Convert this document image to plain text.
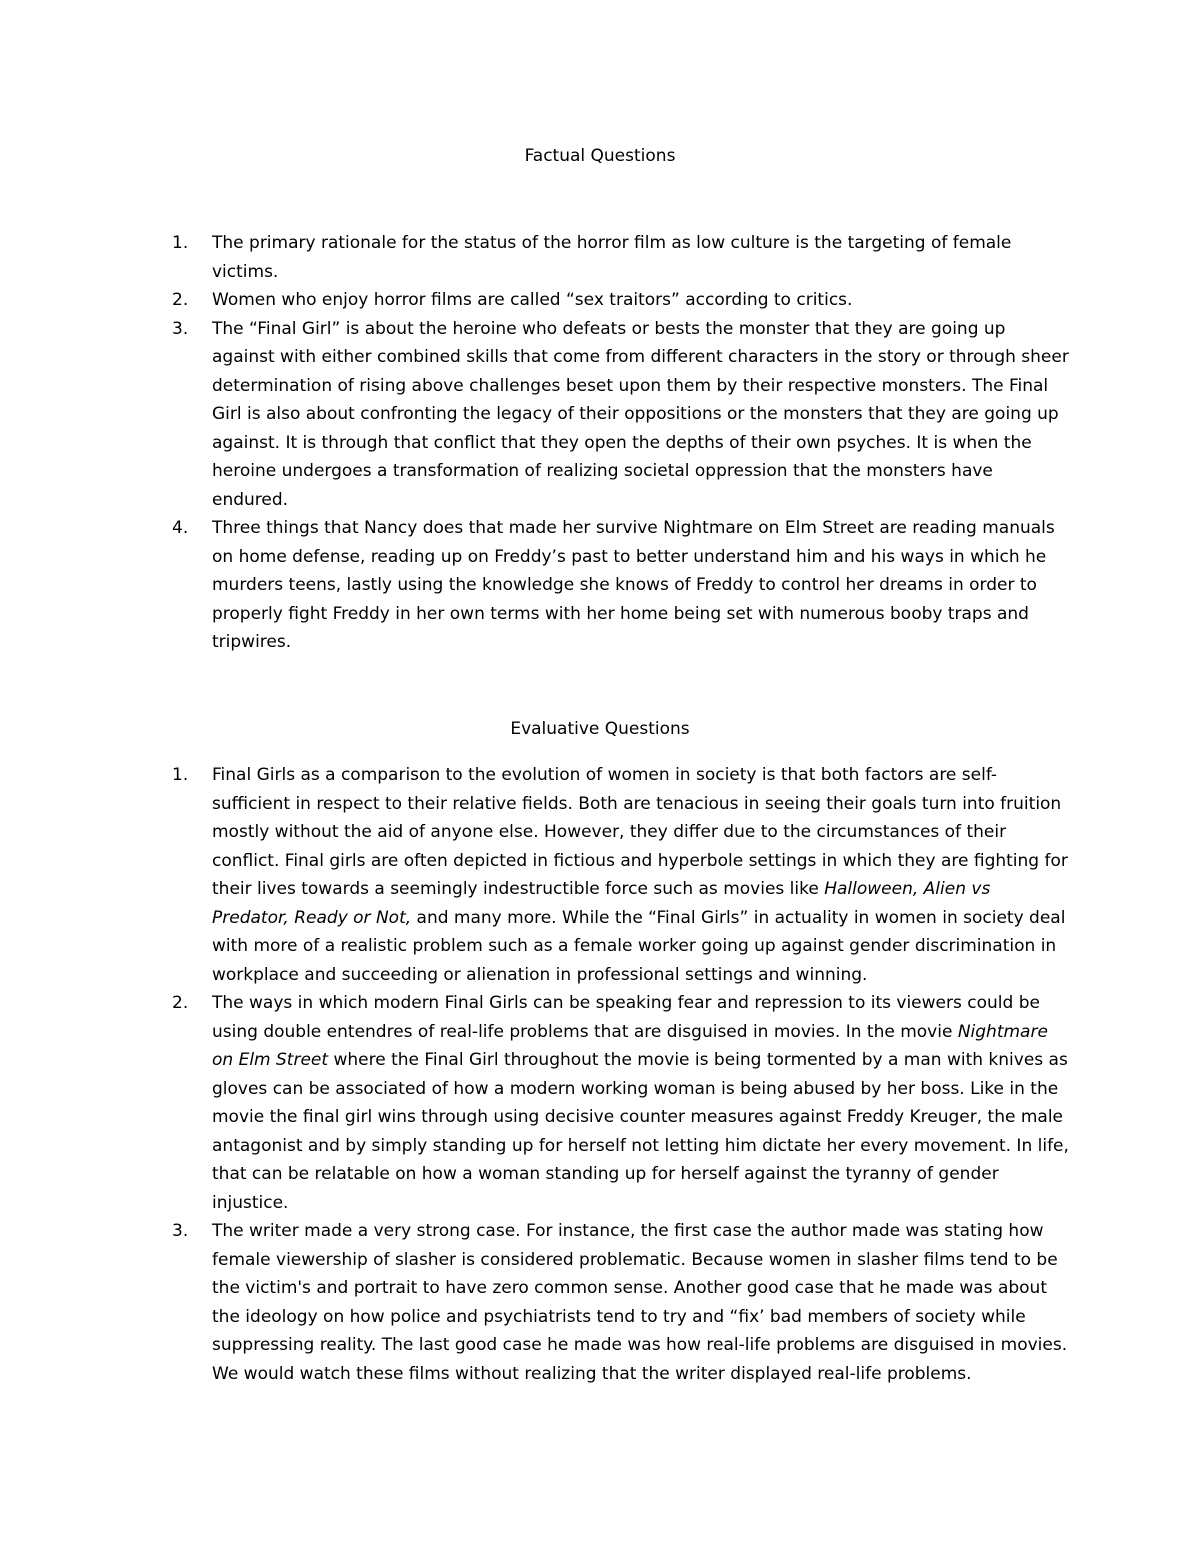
Factual Questions
1. The primary rationale for the status of the horror film as low culture is the targeting of female victims.
2. Women who enjoy horror films are called “sex traitors” according to critics.
3. The “Final Girl” is about the heroine who defeats or bests the monster that they are going up against with either combined skills that come from different characters in the story or through sheer determination of rising above challenges beset upon them by their respective monsters. The Final Girl is also about confronting the legacy of their oppositions or the monsters that they are going up against. It is through that conflict that they open the depths of their own psyches. It is when the heroine undergoes a transformation of realizing societal oppression that the monsters have endured.
4. Three things that Nancy does that made her survive Nightmare on Elm Street are reading manuals on home defense, reading up on Freddy’s past to better understand him and his ways in which he murders teens, lastly using the knowledge she knows of Freddy to control her dreams in order to properly fight Freddy in her own terms with her home being set with numerous booby traps and tripwires.
Evaluative Questions
1. Final Girls as a comparison to the evolution of women in society is that both factors are self-sufficient in respect to their relative fields. Both are tenacious in seeing their goals turn into fruition mostly without the aid of anyone else. However, they differ due to the circumstances of their conflict. Final girls are often depicted in fictious and hyperbole settings in which they are fighting for their lives towards a seemingly indestructible force such as movies like Halloween, Alien vs Predator, Ready or Not, and many more. While the “Final Girls” in actuality in women in society deal with more of a realistic problem such as a female worker going up against gender discrimination in workplace and succeeding or alienation in professional settings and winning.
2. The ways in which modern Final Girls can be speaking fear and repression to its viewers could be using double entendres of real-life problems that are disguised in movies. In the movie Nightmare on Elm Street where the Final Girl throughout the movie is being tormented by a man with knives as gloves can be associated of how a modern working woman is being abused by her boss. Like in the movie the final girl wins through using decisive counter measures against Freddy Kreuger, the male antagonist and by simply standing up for herself not letting him dictate her every movement. In life, that can be relatable on how a woman standing up for herself against the tyranny of gender injustice.
3. The writer made a very strong case. For instance, the first case the author made was stating how female viewership of slasher is considered problematic. Because women in slasher films tend to be the victim's and portrait to have zero common sense. Another good case that he made was about the ideology on how police and psychiatrists tend to try and “fix’ bad members of society while suppressing reality. The last good case he made was how real-life problems are disguised in movies. We would watch these films without realizing that the writer displayed real-life problems.
